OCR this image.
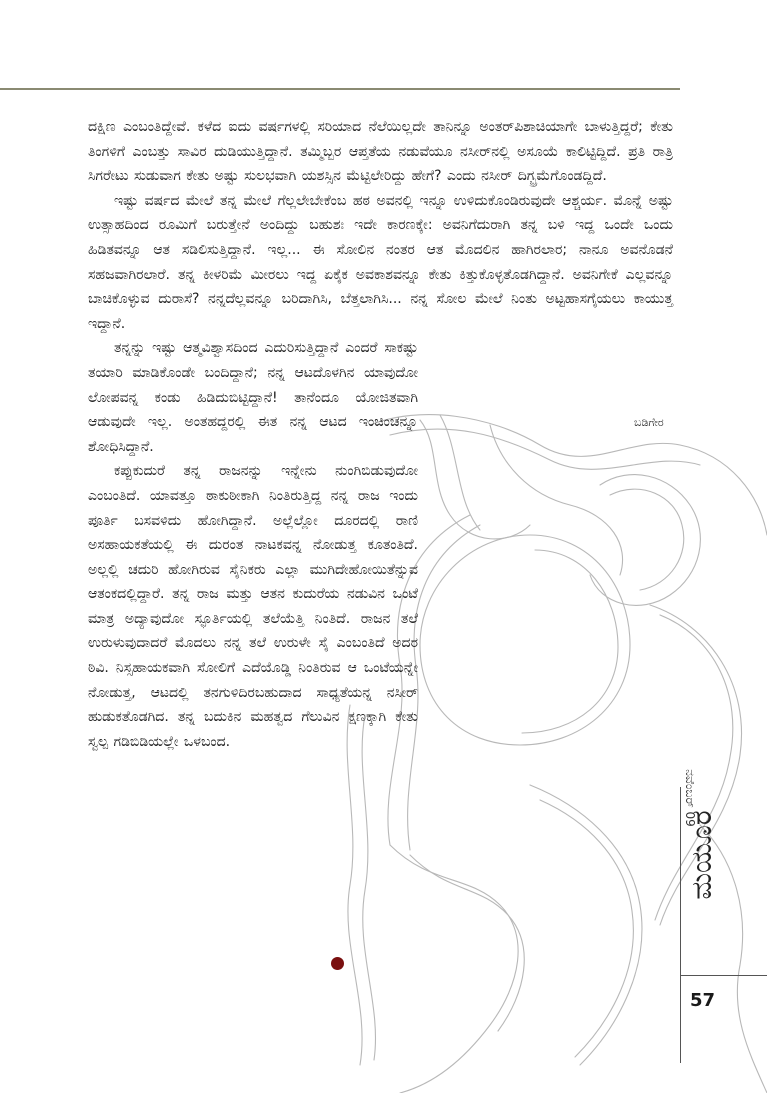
ದಕ್ಷಿಣ ಎಂಬಂತಿದ್ದೇವೆ. ಕಳೆದ ಐದು ವರ್ಷಗಳಲ್ಲಿ ಸರಿಯಾದ ನೆಲೆಯಿಲ್ಲದೇ ತಾನಿನ್ನೂ ಅಂತರ್‌ಪಿಶಾಚಿಯಾಗೇ ಬಾಳುತ್ತಿದ್ದರೆ; ಕೇತು ತಿಂಗಳಿಗೆ ಎಂಬತ್ತು ಸಾವಿರ ದುಡಿಯುತ್ತಿದ್ದಾನೆ. ತಮ್ಮಿಬ್ಬರ ಆಪ್ತತೆಯ ನಡುವೆಯೂ ನಸೀರ್‌ನಲ್ಲಿ ಅಸೂಯೆ ಕಾಲಿಟ್ಟಿದ್ದಿದೆ. ಪ್ರತಿ ರಾತ್ರಿ ಸಿಗರೇಟು ಸುಡುವಾಗ ಕೇತು ಅಷ್ಟು ಸುಲಭವಾಗಿ ಯಶಸ್ಸಿನ ಮೆಟ್ಟಿಲೇರಿದ್ದು ಹೇಗೆ? ಎಂದು ನಸೀರ್ ದಿಗ್ಭ್ರಮೆಗೊಂಡದ್ದಿದೆ.

ಇಷ್ಟು ವರ್ಷದ ಮೇಲೆ ತನ್ನ ಮೇಲೆ ಗೆಲ್ಲಲೇಬೇಕೆಂಬ ಹಠ ಅವನಲ್ಲಿ ಇನ್ನೂ ಉಳಿದುಕೊಂಡಿರುವುದೇ ಆಶ್ಚರ್ಯ. ಮೊನ್ನೆ ಅಷ್ಟು ಉತ್ಸಾಹದಿಂದ ರೂಮಿಗೆ ಬರುತ್ತೇನೆ ಅಂದಿದ್ದು ಬಹುಶಃ ಇದೇ ಕಾರಣಕ್ಕೇ: ಅವನಿಗೆದುರಾಗಿ ತನ್ನ ಬಳಿ ಇದ್ದ ಒಂದೇ ಒಂದು ಹಿಡಿತವನ್ನೂ ಆತ ಸಡಿಲಿಸುತ್ತಿದ್ದಾನೆ. ಇಲ್ಲ... ಈ ಸೋಲಿನ ನಂತರ ಆತ ಮೊದಲಿನ ಹಾಗಿರಲಾರ; ನಾನೂ ಅವನೊಡನೆ ಸಹಜವಾಗಿರಲಾರೆ. ತನ್ನ ಕೀಳರಿಮೆ ಮೀರಲು ಇದ್ದ ಏಕೈಕ ಅವಕಾಶವನ್ನೂ ಕೇತು ಕಿತ್ತುಕೊಳ್ಳತೊಡಗಿದ್ದಾನೆ. ಅವನಿಗೇಕೆ ಎಲ್ಲವನ್ನೂ ಬಾಚಿಕೊಳ್ಳುವ ದುರಾಸೆ? ನನ್ನದೆಲ್ಲವನ್ನೂ ಬರಿದಾಗಿಸಿ, ಬೆತ್ತಲಾಗಿಸಿ... ನನ್ನ ಸೋಲ ಮೇಲೆ ನಿಂತು ಅಟ್ಟಹಾಸಗೈಯಲು ಕಾಯುತ್ತ ಇದ್ದಾನೆ.

ತನ್ನನ್ನು ಇಷ್ಟು ಆತ್ಮವಿಶ್ವಾಸದಿಂದ ಎದುರಿಸುತ್ತಿದ್ದಾನೆ ಎಂದರೆ ಸಾಕಷ್ಟು ತಯಾರಿ ಮಾಡಿಕೊಂಡೇ ಬಂದಿದ್ದಾನೆ; ನನ್ನ ಆಟದೊಳಗಿನ ಯಾವುದೋ ಲೋಪವನ್ನ ಕಂಡು ಹಿಡಿದುಬಿಟ್ಟಿದ್ದಾನೆ! ತಾನೆಂದೂ ಯೋಜಿತವಾಗಿ ಆಡುವುದೇ ಇಲ್ಲ. ಅಂತಹದ್ದರಲ್ಲಿ ಈತ ನನ್ನ ಆಟದ ಇಂಚಿಂಚನ್ನೂ ಶೋಧಿಸಿದ್ದಾನೆ.

ಕಪ್ಪುಕುದುರೆ ತನ್ನ ರಾಜನನ್ನು ಇನ್ನೇನು ನುಂಗಿಬಿಡುವುದೋ ಎಂಬಂತಿದೆ. ಯಾವತ್ತೂ ಠಾಕುಠೀಕಾಗಿ ನಿಂತಿರುತ್ತಿದ್ದ ನನ್ನ ರಾಜ ಇಂದು ಪೂರ್ತಿ ಬಸವಳಿದು ಹೋಗಿದ್ದಾನೆ. ಅಲ್ಲೆಲ್ಲೋ ದೂರದಲ್ಲಿ ರಾಣಿ ಅಸಹಾಯಕತೆಯಲ್ಲಿ ಈ ದುರಂತ ನಾಟಕವನ್ನ ನೋಡುತ್ತ ಕೂತಂತಿದೆ. ಅಲ್ಲಲ್ಲಿ ಚದುರಿ ಹೋಗಿರುವ ಸೈನಿಕರು ಎಲ್ಲಾ ಮುಗಿದೇಹೋಯಿತೆನ್ನುವ ಆತಂಕದಲ್ಲಿದ್ದಾರೆ. ತನ್ನ ರಾಜ ಮತ್ತು ಆತನ ಕುದುರೆಯ ನಡುವಿನ ಒಂಟೆ ಮಾತ್ರ ಅದ್ಯಾವುದೋ ಸ್ಫೂರ್ತಿಯಲ್ಲಿ ತಲೆಯೆತ್ತಿ ನಿಂತಿದೆ. ರಾಜನ ತಲೆ ಉರುಳುವುದಾದರೆ ಮೊದಲು ನನ್ನ ತಲೆ ಉರುಳೇ ಸೈ ಎಂಬಂತಿದೆ ಅದರ ಠಿವಿ. ನಿಸ್ಸಹಾಯಕವಾಗಿ ಸೋಲಿಗೆ ಎದೆಯೊಡ್ಡಿ ನಿಂತಿರುವ ಆ ಒಂಟೆಯನ್ನೇ ನೋಡುತ್ತ, ಆಟದಲ್ಲಿ ತನಗುಳಿದಿರಬಹುದಾದ ಸಾಧ್ಯತೆಯನ್ನ ನಸೀರ್ ಹುಡುಕತೊಡಗಿದ. ತನ್ನ ಬದುಕಿನ ಮಹತ್ವದ ಗೆಲುವಿನ ಕ್ಷಣಕ್ಕಾಗಿ ಕೇತು ಸ್ವಲ್ಪ ಗಡಿಬಿಡಿಯಲ್ಲೇ ಒಳಬಂದ.

ಬಡಿಗೇರ
ಮಯೂರ
ನವೆಂಬರ್ 09
57
